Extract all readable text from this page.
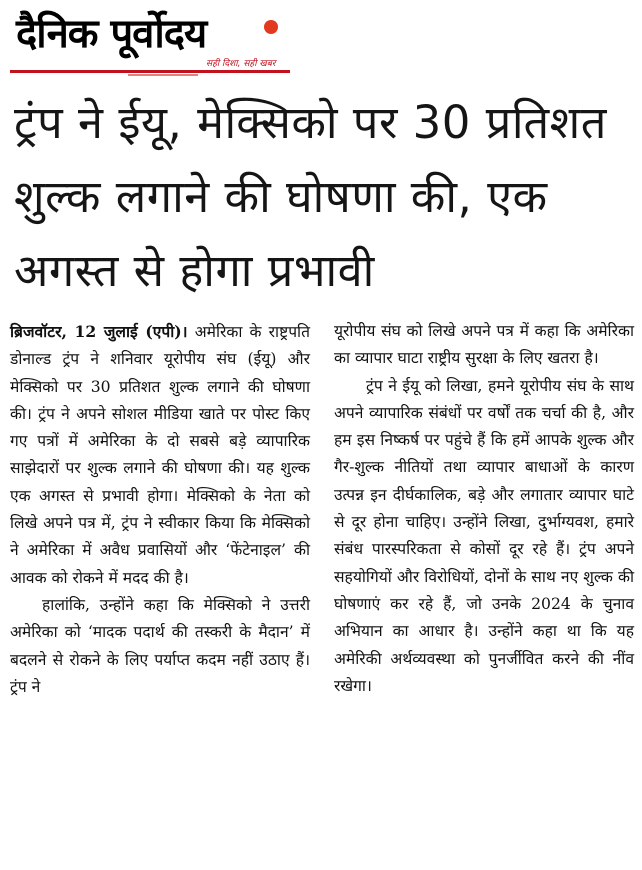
दैनिक पूर्वोदय
सही दिशा, सही खबर
ट्रंप ने ईयू, मेक्सिको पर 30 प्रतिशत शुल्क लगाने की घोषणा की, एक अगस्त से होगा प्रभावी

ब्रिजवॉटर, 12 जुलाई (एपी)। अमेरिका के राष्ट्रपति डोनाल्ड ट्रंप ने शनिवार यूरोपीय संघ (ईयू) और मेक्सिको पर 30 प्रतिशत शुल्क लगाने की घोषणा की। ट्रंप ने अपने सोशल मीडिया खाते पर पोस्ट किए गए पत्रों में अमेरिका के दो सबसे बड़े व्यापारिक साझेदारों पर शुल्क लगाने की घोषणा की। यह शुल्क एक अगस्त से प्रभावी होगा। मेक्सिको के नेता को लिखे अपने पत्र में, ट्रंप ने स्वीकार किया कि मेक्सिको ने अमेरिका में अवैध प्रवासियों और ‘फेंटेनाइल’ की आवक को रोकने में मदद की है।

हालांकि, उन्होंने कहा कि मेक्सिको ने उत्तरी अमेरिका को ‘मादक पदार्थ की तस्करी के मैदान’ में बदलने से रोकने के लिए पर्याप्त कदम नहीं उठाए हैं। ट्रंप ने

यूरोपीय संघ को लिखे अपने पत्र में कहा कि अमेरिका का व्यापार घाटा राष्ट्रीय सुरक्षा के लिए खतरा है।

ट्रंप ने ईयू को लिखा, हमने यूरोपीय संघ के साथ अपने व्यापारिक संबंधों पर वर्षों तक चर्चा की है, और हम इस निष्कर्ष पर पहुंचे हैं कि हमें आपके शुल्क और गैर-शुल्क नीतियों तथा व्यापार बाधाओं के कारण उत्पन्न इन दीर्घकालिक, बड़े और लगातार व्यापार घाटे से दूर होना चाहिए। उन्होंने लिखा, दुर्भाग्यवश, हमारे संबंध पारस्परिकता से कोसों दूर रहे हैं। ट्रंप अपने सहयोगियों और विरोधियों, दोनों के साथ नए शुल्क की घोषणाएं कर रहे हैं, जो उनके 2024 के चुनाव अभियान का आधार है। उन्होंने कहा था कि यह अमेरिकी अर्थव्यवस्था को पुनर्जीवित करने की नींव रखेगा।
